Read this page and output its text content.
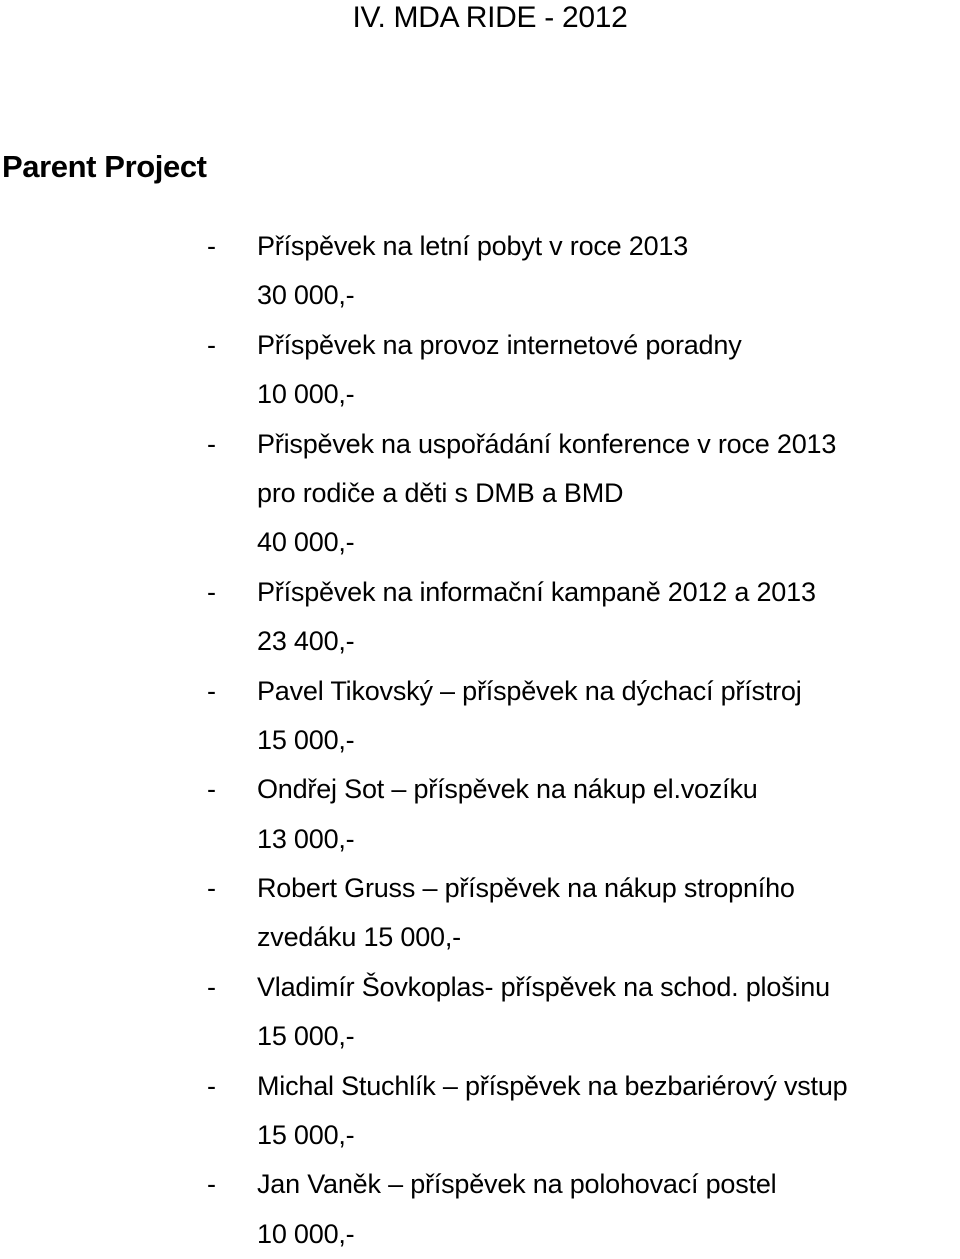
IV. MDA RIDE - 2012
Parent Project
- Příspěvek na letní pobyt v roce 2013
30 000,-
- Příspěvek na provoz internetové poradny
10 000,-
- Přispěvek na uspořádání konference v roce 2013
pro rodiče a děti s DMB a BMD
40 000,-
- Příspěvek na informační kampaně 2012 a 2013
23 400,-
- Pavel Tikovský – příspěvek na dýchací přístroj
15 000,-
- Ondřej Sot – příspěvek na nákup el.vozíku
13 000,-
- Robert Gruss – příspěvek na nákup stropního
zvedáku 15 000,-
- Vladimír Šovkoplas- příspěvek na schod. plošinu
15 000,-
- Michal Stuchlík – příspěvek na bezbariérový vstup
15 000,-
- Jan Vaněk – příspěvek na polohovací postel
10 000,-
